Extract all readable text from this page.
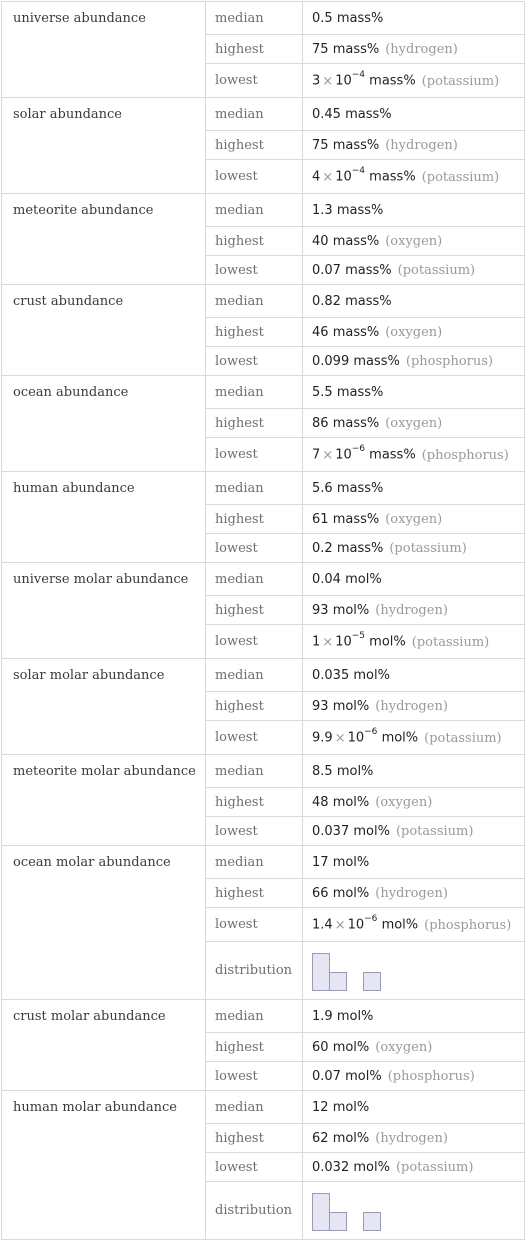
universe abundance	median	0.5 mass%
	highest	75 mass% (hydrogen)
	lowest	$3 \times 10^{-4}$ mass% (potassium)
solar abundance	median	0.45 mass%
	highest	75 mass% (hydrogen)
	lowest	$4 \times 10^{-4}$ mass% (potassium)
meteorite abundance	median	1.3 mass%
	highest	40 mass% (oxygen)
	lowest	0.07 mass% (potassium)
crust abundance	median	0.82 mass%
	highest	46 mass% (oxygen)
	lowest	0.099 mass% (phosphorus)
ocean abundance	median	5.5 mass%
	highest	86 mass% (oxygen)
	lowest	$7 \times 10^{-6}$ mass% (phosphorus)
human abundance	median	5.6 mass%
	highest	61 mass% (oxygen)
	lowest	0.2 mass% (potassium)
universe molar abundance	median	0.04 mol%
	highest	93 mol% (hydrogen)
	lowest	$1 \times 10^{-5}$ mol% (potassium)
solar molar abundance	median	0.035 mol%
	highest	93 mol% (hydrogen)
	lowest	$9.9 \times 10^{-6}$ mol% (potassium)
meteorite molar abundance	median	8.5 mol%
	highest	48 mol% (oxygen)
	lowest	0.037 mol% (potassium)
ocean molar abundance	median	17 mol%
	highest	66 mol% (hydrogen)
	lowest	$1.4 \times 10^{-6}$ mol% (phosphorus)
	distribution	

crust molar abundance	median	1.9 mol%
	highest	60 mol% (oxygen)
	lowest	0.07 mol% (phosphorus)
human molar abundance	median	12 mol%
	highest	62 mol% (hydrogen)
	lowest	0.032 mol% (potassium)
	distribution	
